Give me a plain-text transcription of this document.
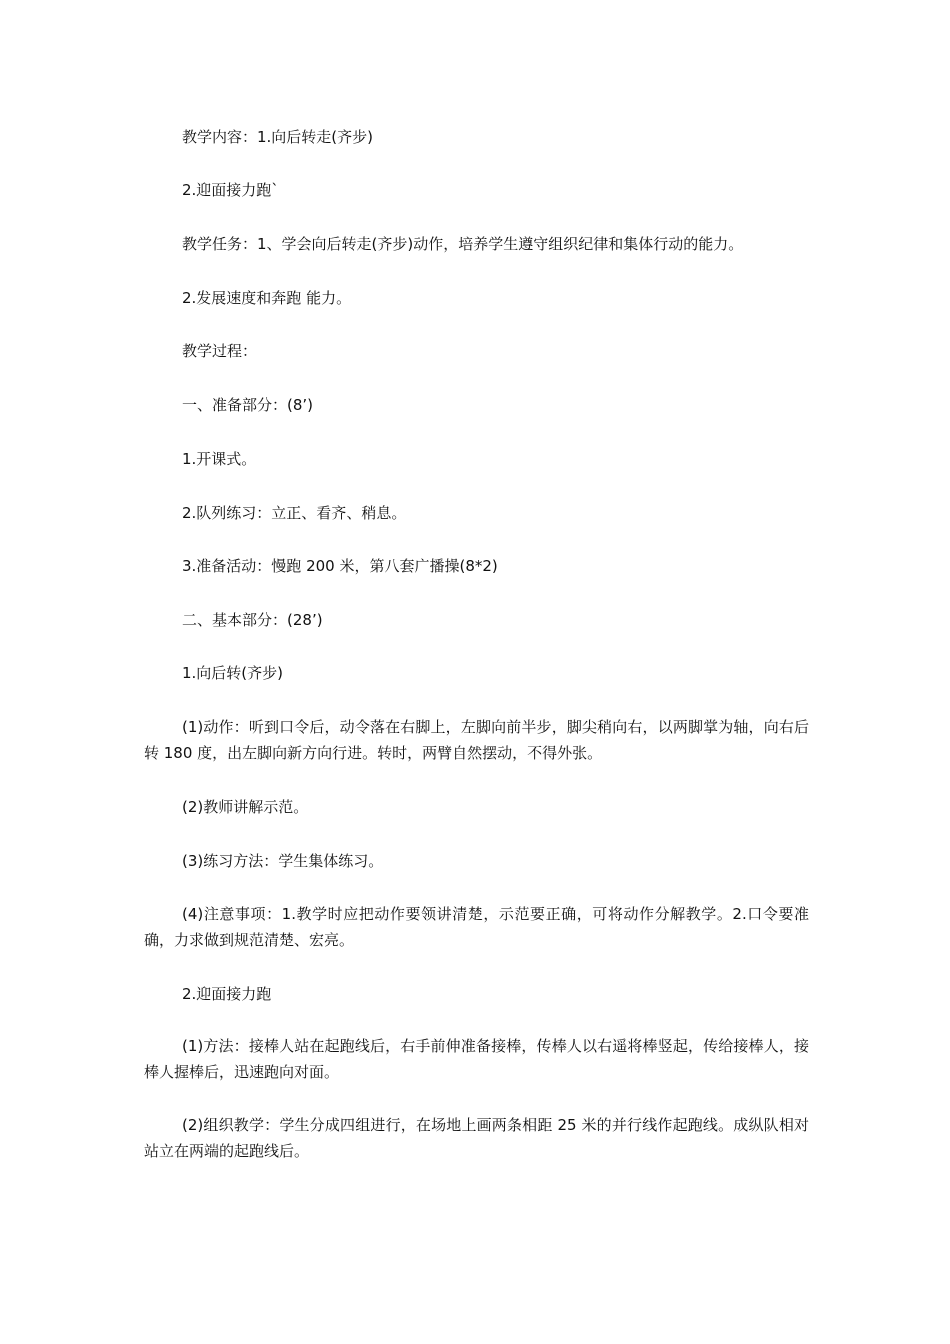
教学内容：1.向后转走(齐步)
2.迎面接力跑`
教学任务：1、学会向后转走(齐步)动作，培养学生遵守组织纪律和集体行动的能力。
2.发展速度和奔跑 能力。
教学过程：
一、准备部分：(8’)
1.开课式。
2.队列练习：立正、看齐、稍息。
3.准备活动：慢跑 200 米，第八套广播操(8*2)
二、基本部分：(28’)
1.向后转(齐步)
(1)动作：听到口令后，动令落在右脚上，左脚向前半步，脚尖稍向右，以两脚掌为轴，向右后转 180 度，出左脚向新方向行进。转时，两臂自然摆动，不得外张。
(2)教师讲解示范。
(3)练习方法：学生集体练习。
(4)注意事项：1.教学时应把动作要领讲清楚，示范要正确，可将动作分解教学。2.口令要准确，力求做到规范清楚、宏亮。
2.迎面接力跑
(1)方法：接棒人站在起跑线后，右手前伸准备接棒，传棒人以右遥将棒竖起，传给接棒人，接棒人握棒后，迅速跑向对面。
(2)组织教学：学生分成四组进行，在场地上画两条相距 25 米的并行线作起跑线。成纵队相对站立在两端的起跑线后。
